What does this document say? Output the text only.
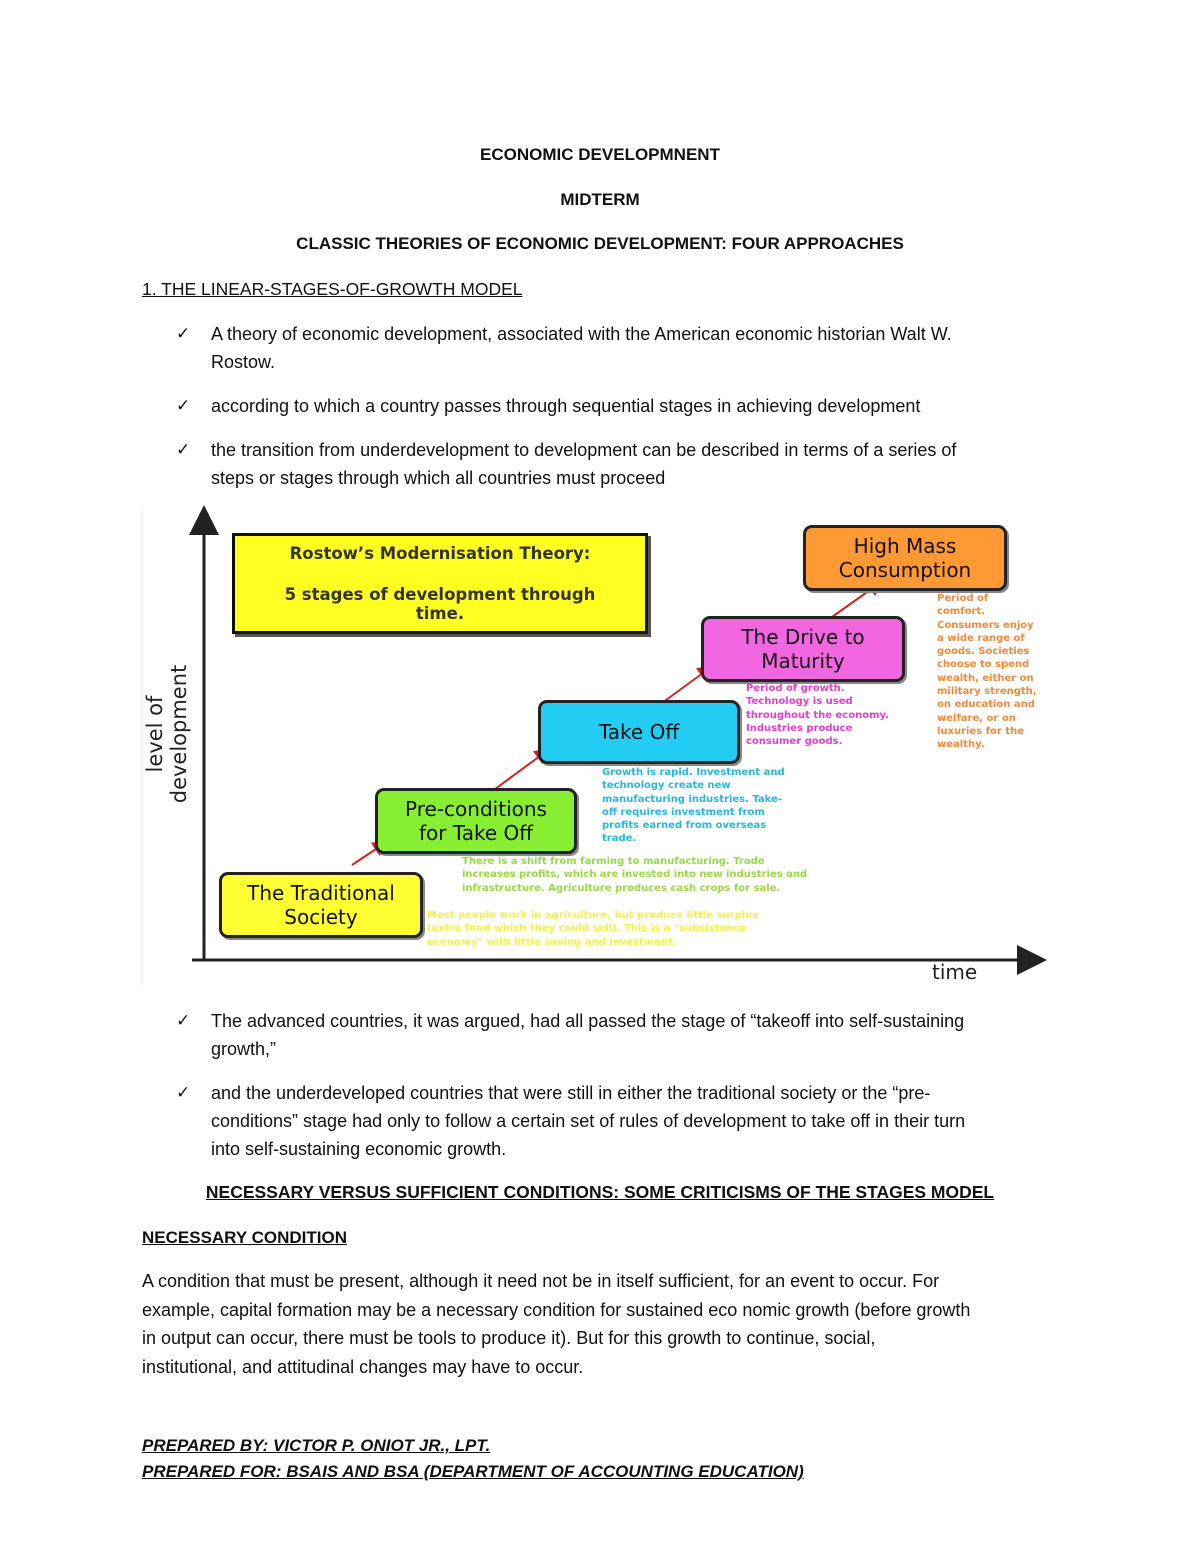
ECONOMIC DEVELOPMNENT
MIDTERM
CLASSIC THEORIES OF ECONOMIC DEVELOPMENT: FOUR APPROACHES
1. THE LINEAR-STAGES-OF-GROWTH MODEL
✓ A theory of economic development, associated with the American economic historian Walt W.
Rostow.
✓ according to which a country passes through sequential stages in achieving development
✓ the transition from underdevelopment to development can be described in terms of a series of
steps or stages through which all countries must proceed
level of development
time
Rostow’s Modernisation Theory:
5 stages of development through
time.
The Traditional
Society
Pre-conditions
for Take Off
Take Off
The Drive to
Maturity
High Mass
Consumption
Most people work in agriculture, but produce little surplus
(extra food which they could sell). This is a "subsistence
economy" with little saving and investment.
There is a shift from farming to manufacturing. Trade
increases profits, which are invested into new industries and
infrastructure. Agriculture produces cash crops for sale.
Growth is rapid. Investment and
technology create new
manufacturing industries. Take-
off requires investment from
profits earned from overseas
trade.
Period of growth.
Technology is used
throughout the economy.
Industries produce
consumer goods.
Period of
comfort.
Consumers enjoy
a wide range of
goods. Societies
choose to spend
wealth, either on
military strength,
on education and
welfare, or on
luxuries for the
wealthy.
✓ The advanced countries, it was argued, had all passed the stage of “takeoff into self-sustaining
growth,”
✓ and the underdeveloped countries that were still in either the traditional society or the “pre-
conditions” stage had only to follow a certain set of rules of development to take off in their turn
into self-sustaining economic growth.
NECESSARY VERSUS SUFFICIENT CONDITIONS: SOME CRITICISMS OF THE STAGES MODEL
NECESSARY CONDITION
A condition that must be present, although it need not be in itself sufficient, for an event to occur. For
example, capital formation may be a necessary condition for sustained eco nomic growth (before growth
in output can occur, there must be tools to produce it). But for this growth to continue, social,
institutional, and attitudinal changes may have to occur.
PREPARED BY: VICTOR P. ONIOT JR., LPT.
PREPARED FOR: BSAIS AND BSA (DEPARTMENT OF ACCOUNTING EDUCATION)
